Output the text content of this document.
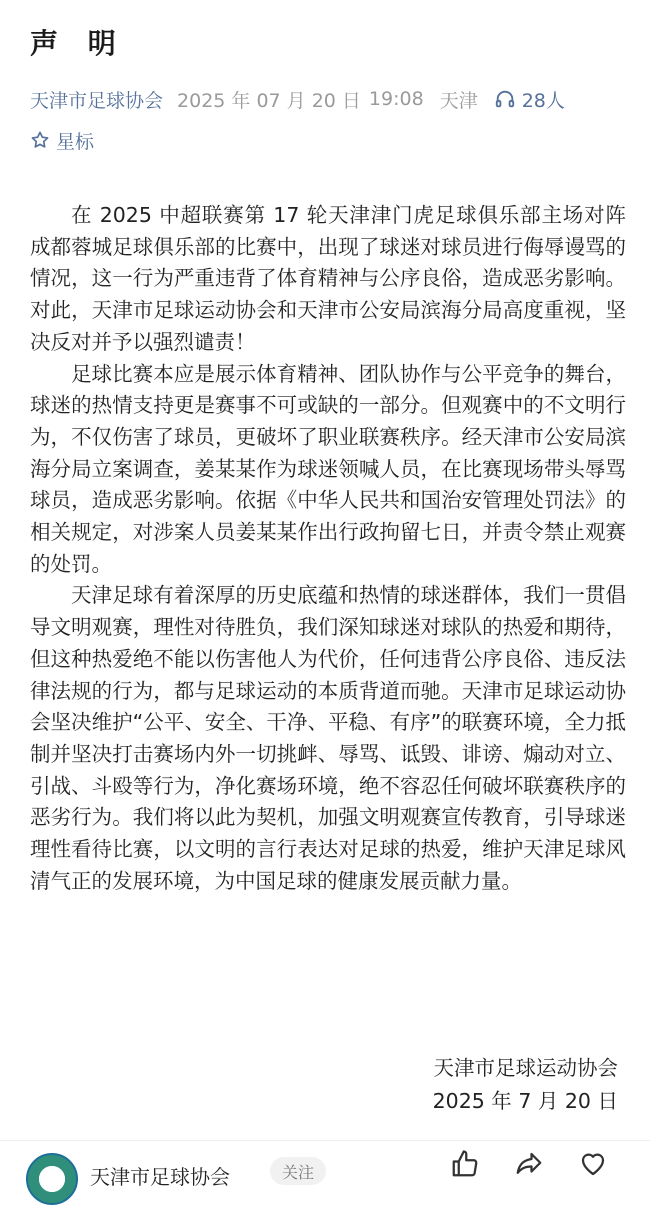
声 明
天津市足球协会 2025 年 07 月 20 日 19:08 天津 28人
星标

在 2025 中超联赛第 17 轮天津津门虎足球俱乐部主场对阵成都蓉城足球俱乐部的比赛中，出现了球迷对球员进行侮辱谩骂的情况，这一行为严重违背了体育精神与公序良俗，造成恶劣影响。对此，天津市足球运动协会和天津市公安局滨海分局高度重视，坚决反对并予以强烈谴责！

足球比赛本应是展示体育精神、团队协作与公平竞争的舞台，球迷的热情支持更是赛事不可或缺的一部分。但观赛中的不文明行为，不仅伤害了球员，更破坏了职业联赛秩序。经天津市公安局滨海分局立案调查，姜某某作为球迷领喊人员，在比赛现场带头辱骂球员，造成恶劣影响。依据《中华人民共和国治安管理处罚法》的相关规定，对涉案人员姜某某作出行政拘留七日，并责令禁止观赛的处罚。

天津足球有着深厚的历史底蕴和热情的球迷群体，我们一贯倡导文明观赛，理性对待胜负，我们深知球迷对球队的热爱和期待，但这种热爱绝不能以伤害他人为代价，任何违背公序良俗、违反法律法规的行为，都与足球运动的本质背道而驰。天津市足球运动协会坚决维护“公平、安全、干净、平稳、有序”的联赛环境，全力抵制并坚决打击赛场内外一切挑衅、辱骂、诋毁、诽谤、煽动对立、引战、斗殴等行为，净化赛场环境，绝不容忍任何破坏联赛秩序的恶劣行为。我们将以此为契机，加强文明观赛宣传教育，引导球迷理性看待比赛，以文明的言行表达对足球的热爱，维护天津足球风清气正的发展环境，为中国足球的健康发展贡献力量。

天津市足球运动协会
2025 年 7 月 20 日
天津市足球协会	关注
